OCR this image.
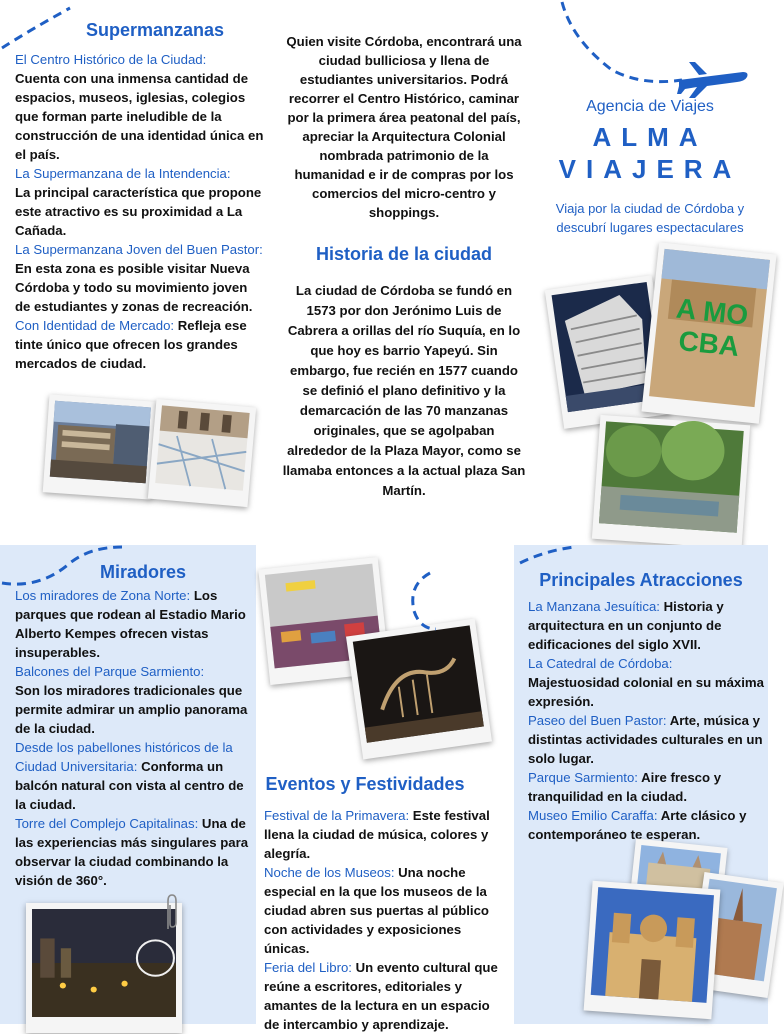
Supermanzanas

El Centro Histórico de la Ciudad:
Cuenta con una inmensa cantidad de espacios, museos, iglesias, colegios que forman parte ineludible de la construcción de una identidad única en el país.

La Supermanzana de la Intendencia:
La principal característica que propone este atractivo es su proximidad a La Cañada.

La Supermanzana Joven del Buen Pastor: En esta zona es posible visitar Nueva Córdoba y todo su movimiento joven de estudiantes y zonas de recreación.

Con Identidad de Mercado: Refleja ese tinte único que ofrecen los grandes mercados de ciudad.

Quien visite Córdoba, encontrará una ciudad bulliciosa y llena de estudiantes universitarios. Podrá recorrer el Centro Histórico, caminar por la primera área peatonal del país, apreciar la Arquitectura Colonial nombrada patrimonio de la humanidad e ir de compras por los comercios del micro-centro y shoppings.

Historia de la ciudad

La ciudad de Córdoba se fundó en 1573 por don Jerónimo Luis de Cabrera a orillas del río Suquía, en lo que hoy es barrio Yapeyú. Sin embargo, fue recién en 1577 cuando se definió el plano definitivo y la demarcación de las 70 manzanas originales, que se agolpaban alrededor de la Plaza Mayor, como se llamaba entonces a la actual plaza San Martín.

Agencia de Viajes
ALMA
VIAJERA

Viaja por la ciudad de Córdoba y descubrí lugares espectaculares

A MO CBA
Miradores

Los miradores de Zona Norte: Los parques que rodean al Estadio Mario Alberto Kempes ofrecen vistas insuperables.

Balcones del Parque Sarmiento:
Son los miradores tradicionales que permite admirar un amplio panorama de la ciudad.

Desde los pabellones históricos de la Ciudad Universitaria: Conforma un balcón natural con vista al centro de la ciudad.

Torre del Complejo Capitalinas: Una de las experiencias más singulares para observar la ciudad combinando la visión de 360°.

Eventos y Festividades

Festival de la Primavera: Este festival llena la ciudad de música, colores y alegría.

Noche de los Museos: Una noche especial en la que los museos de la ciudad abren sus puertas al público con actividades y exposiciones únicas.

Feria del Libro: Un evento cultural que reúne a escritores, editoriales y amantes de la lectura en un espacio de intercambio y aprendizaje.

Principales Atracciones

La Manzana Jesuítica: Historia y arquitectura en un conjunto de edificaciones del siglo XVII.

La Catedral de Córdoba:
Majestuosidad colonial en su máxima expresión.

Paseo del Buen Pastor: Arte, música y distintas actividades culturales en un solo lugar.

Parque Sarmiento: Aire fresco y tranquilidad en la ciudad.

Museo Emilio Caraffa: Arte clásico y contemporáneo te esperan.
